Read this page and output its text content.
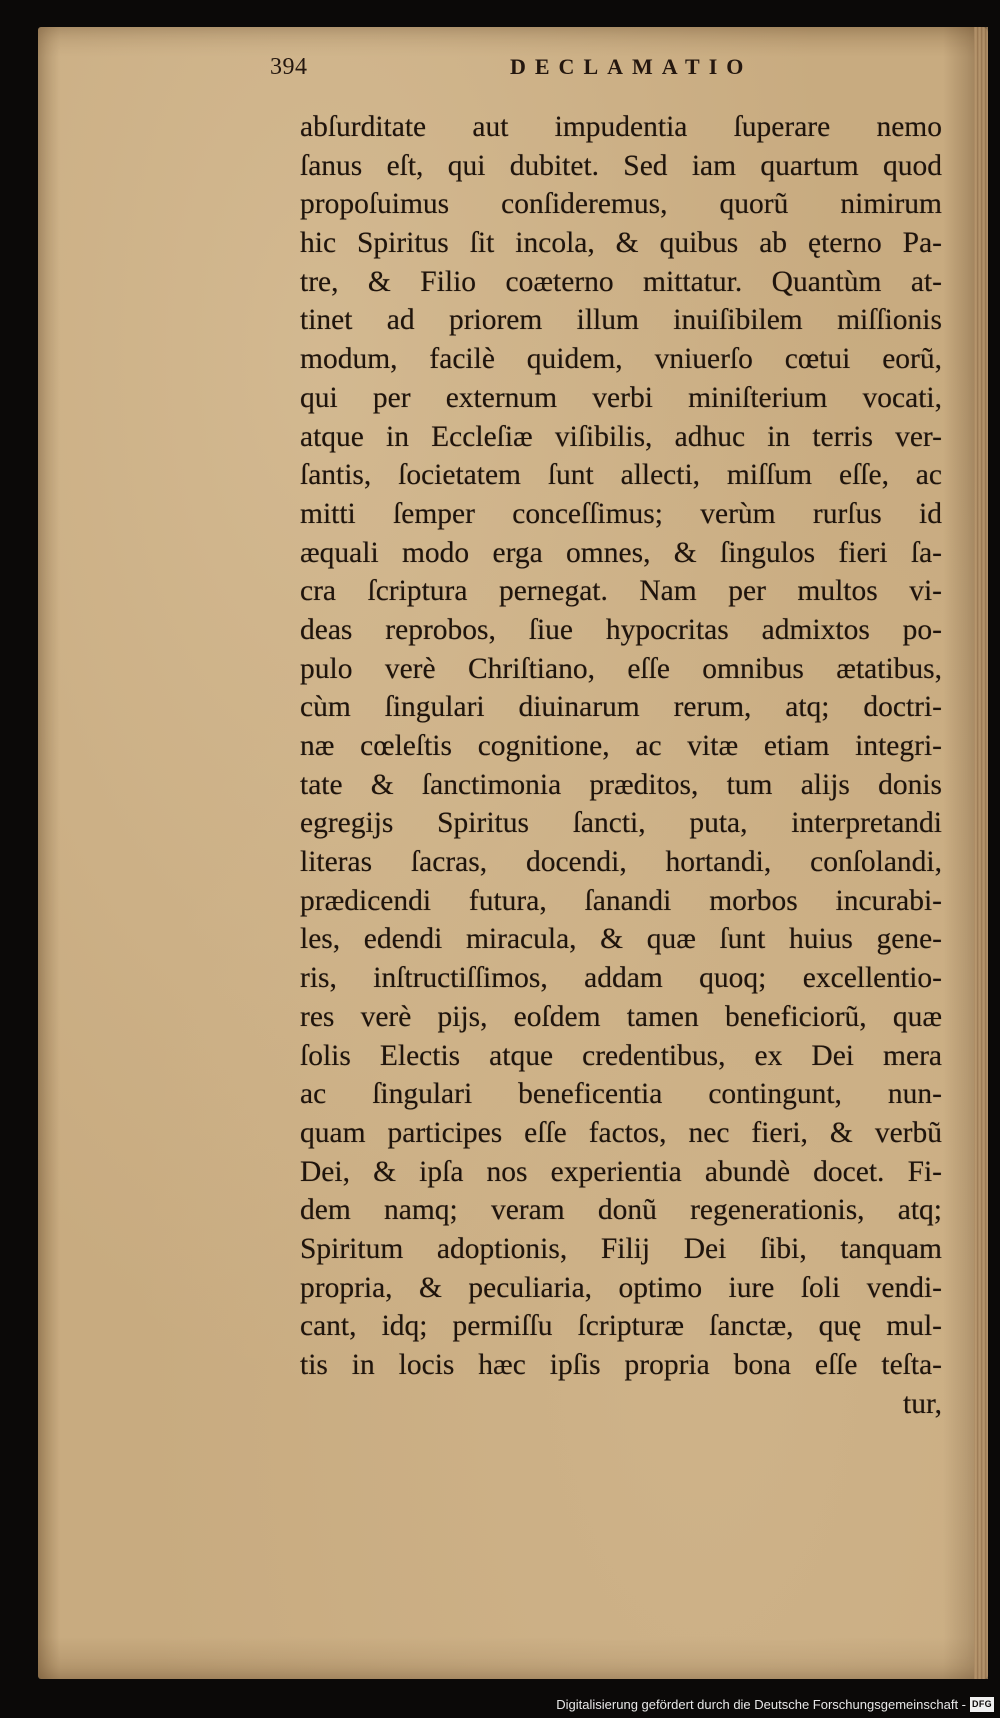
394	DECLAMATIO
abſurditate aut impudentia ſuperare nemo
ſanus eſt, qui dubitet. Sed iam quartum quod
propoſuimus conſideremus, quorũ nimirum
hic Spiritus ſit incola, & quibus ab ęterno Pa-
tre, & Filio coæterno mittatur. Quantùm at-
tinet ad priorem illum inuiſibilem miſſionis
modum, facilè quidem, vniuerſo cœtui eorũ,
qui per externum verbi miniſterium vocati,
atque in Eccleſiæ viſibilis, adhuc in terris ver-
ſantis, ſocietatem ſunt allecti, miſſum eſſe, ac
mitti ſemper conceſſimus; verùm rurſus id
æquali modo erga omnes, & ſingulos fieri ſa-
cra ſcriptura pernegat. Nam per multos vi-
deas reprobos, ſiue hypocritas admixtos po-
pulo verè Chriſtiano, eſſe omnibus ætatibus,
cùm ſingulari diuinarum rerum, atq; doctri-
næ cœleſtis cognitione, ac vitæ etiam integri-
tate & ſanctimonia præditos, tum alijs donis
egregijs Spiritus ſancti, puta, interpretandi
literas ſacras, docendi, hortandi, conſolandi,
prædicendi futura, ſanandi morbos incurabi-
les, edendi miracula, & quæ ſunt huius gene-
ris, inſtructiſſimos, addam quoq; excellentio-
res verè pijs, eoſdem tamen beneficiorũ, quæ
ſolis Electis atque credentibus, ex Dei mera
ac ſingulari beneficentia contingunt, nun-
quam participes eſſe factos, nec fieri, & verbũ
Dei, & ipſa nos experientia abundè docet. Fi-
dem namq; veram donũ regenerationis, atq;
Spiritum adoptionis, Filij Dei ſibi, tanquam
propria, & peculiaria, optimo iure ſoli vendi-
cant, idq; permiſſu ſcripturæ ſanctæ, quę mul-
tis in locis hæc ipſis propria bona eſſe teſta-
tur,
Digitalisierung gefördert durch die Deutsche Forschungsgemeinschaft - DFG
